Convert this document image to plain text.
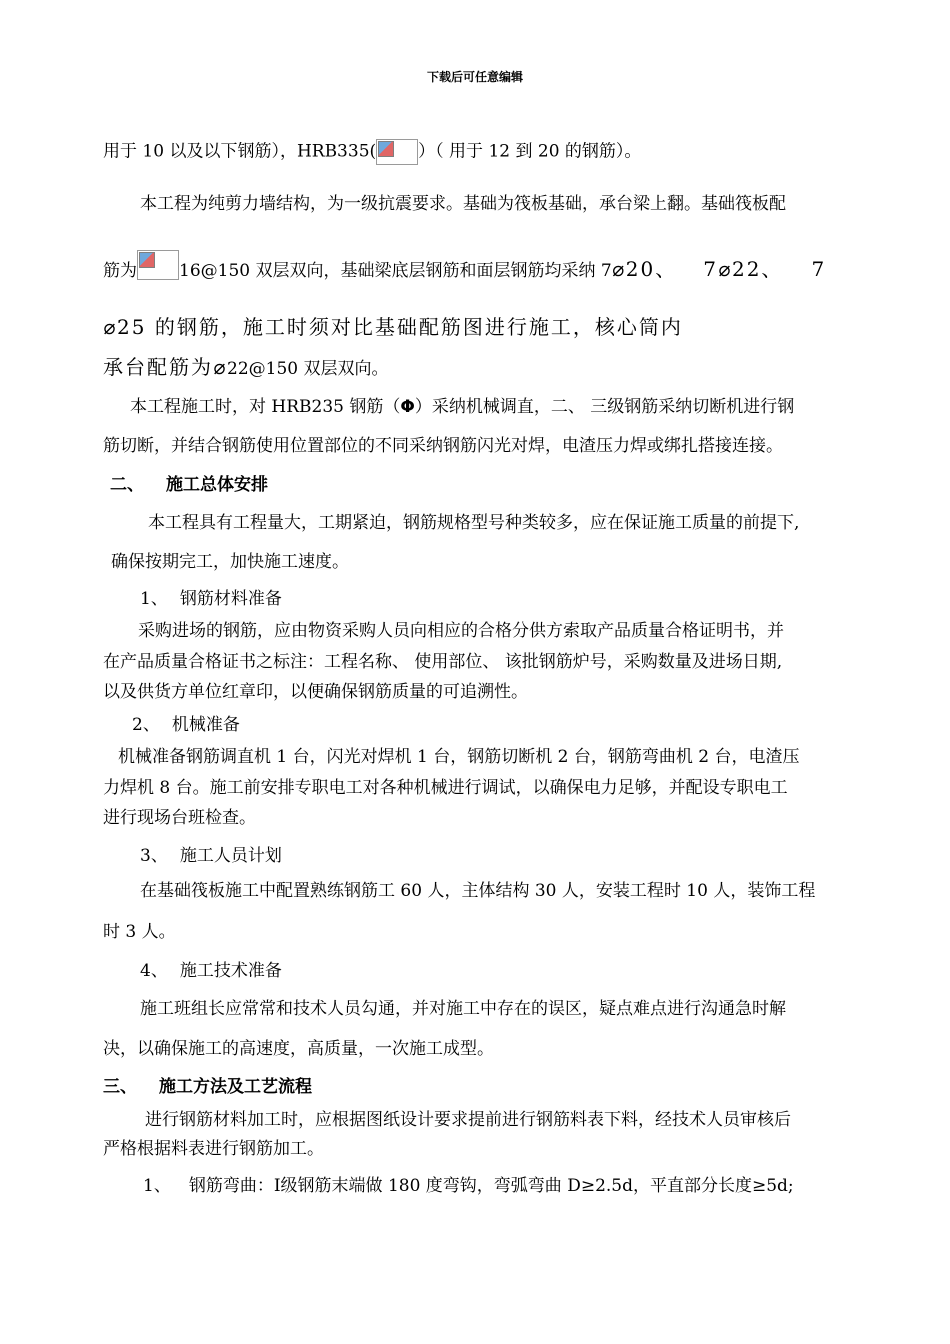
下载后可任意编辑
用于 10 以及以下钢筋），HRB335( ）（ 用于 12 到 20 的钢筋）。
本工程为纯剪力墙结构，为一级抗震要求。基础为筏板基础，承台梁上翻。基础筏板配
筋为 16@150 双层双向，基础梁底层钢筋和面层钢筋均采纳 7⌀20、 7⌀22、 7
⌀25 的钢筋，施工时须对比基础配筋图进行施工，核心筒内
承台配筋为⌀22@150 双层双向。
本工程施工时，对 HRB235 钢筋（Φ）采纳机械调直，二、 三级钢筋采纳切断机进行钢
筋切断，并结合钢筋使用位置部位的不同采纳钢筋闪光对焊，电渣压力焊或绑扎搭接连接。
二、 施工总体安排
本工程具有工程量大，工期紧迫，钢筋规格型号种类较多，应在保证施工质量的前提下,
确保按期完工，加快施工速度。
1、 钢筋材料准备
采购进场的钢筋，应由物资采购人员向相应的合格分供方索取产品质量合格证明书，并
在产品质量合格证书之标注：工程名称、 使用部位、 该批钢筋炉号，采购数量及进场日期,
以及供货方单位红章印，以便确保钢筋质量的可追溯性。
2、 机械准备
机械准备钢筋调直机 1 台，闪光对焊机 1 台，钢筋切断机 2 台，钢筋弯曲机 2 台，电渣压
力焊机 8 台。施工前安排专职电工对各种机械进行调试，以确保电力足够，并配设专职电工
进行现场台班检查。
3、 施工人员计划
在基础筏板施工中配置熟练钢筋工 60 人，主体结构 30 人，安装工程时 10 人，装饰工程
时 3 人。
4、 施工技术准备
施工班组长应常常和技术人员勾通，并对施工中存在的误区，疑点难点进行沟通急时解
决，以确保施工的高速度，高质量，一次施工成型。
三、 施工方法及工艺流程
进行钢筋材料加工时，应根据图纸设计要求提前进行钢筋料表下料，经技术人员审核后
严格根据料表进行钢筋加工。
1、 钢筋弯曲：Ⅰ级钢筋末端做 180 度弯钩，弯弧弯曲 D≥2.5d，平直部分长度≥5d;
